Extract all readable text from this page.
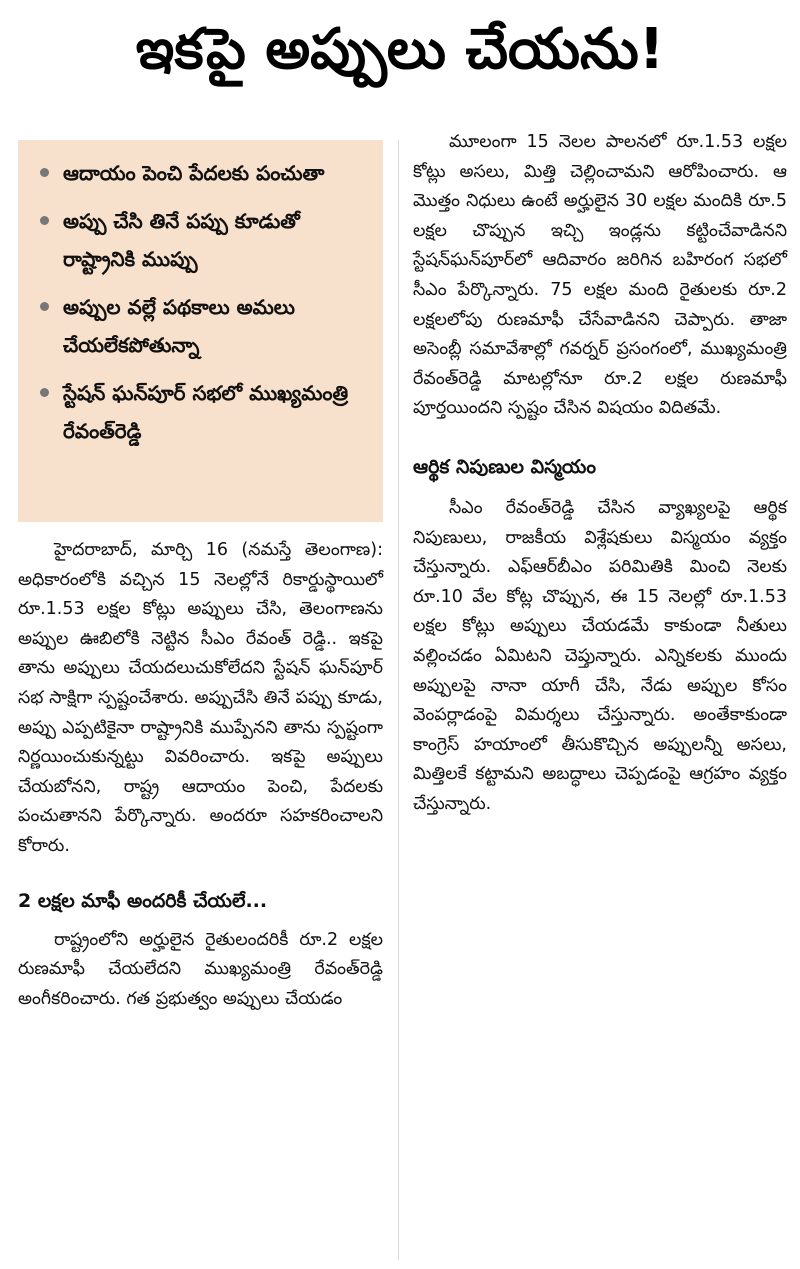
ఇకపై అప్పులు చేయను!
ఆదాయం పెంచి పేదలకు పంచుతా
అప్పు చేసి తినే పప్పు కూడుతో రాష్ట్రానికి ముప్పు
అప్పుల వల్లే పథకాలు అమలు చేయలేకపోతున్నా
స్టేషన్ ఘన్‌పూర్ సభలో ముఖ్యమంత్రి రేవంత్‌రెడ్డి

హైదరాబాద్, మార్చి 16 (నమస్తే తెలంగాణ): అధికారంలోకి వచ్చిన 15 నెలల్లోనే రికార్డుస్థాయిలో రూ.1.53 లక్షల కోట్లు అప్పులు చేసి, తెలంగాణను అప్పుల ఊబిలోకి నెట్టిన సీఎం రేవంత్ రెడ్డి.. ఇకపై తాను అప్పులు చేయదలుచుకోలేదని స్టేషన్ ఘన్‌పూర్ సభ సాక్షిగా స్పష్టంచేశారు. అప్పుచేసి తినే పప్పు కూడు, అప్పు ఎప్పటికైనా రాష్ట్రానికి ముప్పేనని తాను స్పష్టంగా నిర్ణయించుకున్నట్టు వివరించారు. ఇకపై అప్పులు చేయబోనని, రాష్ట్ర ఆదాయం పెంచి, పేదలకు పంచుతానని పేర్కొన్నారు. అందరూ సహకరించాలని కోరారు.

2 లక్షల మాఫీ అందరికీ చేయలే...

రాష్ట్రంలోని అర్హులైన రైతులందరికీ రూ.2 లక్షల రుణమాఫీ చేయలేదని ముఖ్యమంత్రి రేవంత్‌రెడ్డి అంగీకరించారు. గత ప్రభుత్వం అప్పులు చేయడం

మూలంగా 15 నెలల పాలనలో రూ.1.53 లక్షల కోట్లు అసలు, మిత్తి చెల్లించామని ఆరోపించారు. ఆ మొత్తం నిధులు ఉంటే అర్హులైన 30 లక్షల మందికి రూ.5 లక్షల చొప్పున ఇచ్చి ఇండ్లను కట్టించేవాడినని స్టేషన్‌ఘన్‌పూర్‌లో ఆదివారం జరిగిన బహిరంగ సభలో సీఎం పేర్కొన్నారు. 75 లక్షల మంది రైతులకు రూ.2 లక్షలలోపు రుణమాఫీ చేసేవాడినని చెప్పారు. తాజా అసెంబ్లీ సమావేశాల్లో గవర్నర్ ప్రసంగంలో, ముఖ్యమంత్రి రేవంత్‌రెడ్డి మాటల్లోనూ రూ.2 లక్షల రుణమాఫీ పూర్తయిందని స్పష్టం చేసిన విషయం విదితమే.

ఆర్థిక నిపుణుల విస్మయం

సీఎం రేవంత్‌రెడ్డి చేసిన వ్యాఖ్యలపై ఆర్థిక నిపుణులు, రాజకీయ విశ్లేషకులు విస్మయం వ్యక్తం చేస్తున్నారు. ఎఫ్‌ఆర్‌బీఎం పరిమితికి మించి నెలకు రూ.10 వేల కోట్ల చొప్పున, ఈ 15 నెలల్లో రూ.1.53 లక్షల కోట్లు అప్పులు చేయడమే కాకుండా నీతులు వల్లించడం ఏమిటని చెప్తున్నారు. ఎన్నికలకు ముందు అప్పులపై నానా యాగీ చేసి, నేడు అప్పుల కోసం వెంపర్లాడంపై విమర్శలు చేస్తున్నారు. అంతేకాకుండా కాంగ్రెస్ హయాంలో తీసుకొచ్చిన అప్పులన్నీ అసలు, మిత్తిలకే కట్టామని అబద్ధాలు చెప్పడంపై ఆగ్రహం వ్యక్తం చేస్తున్నారు.
